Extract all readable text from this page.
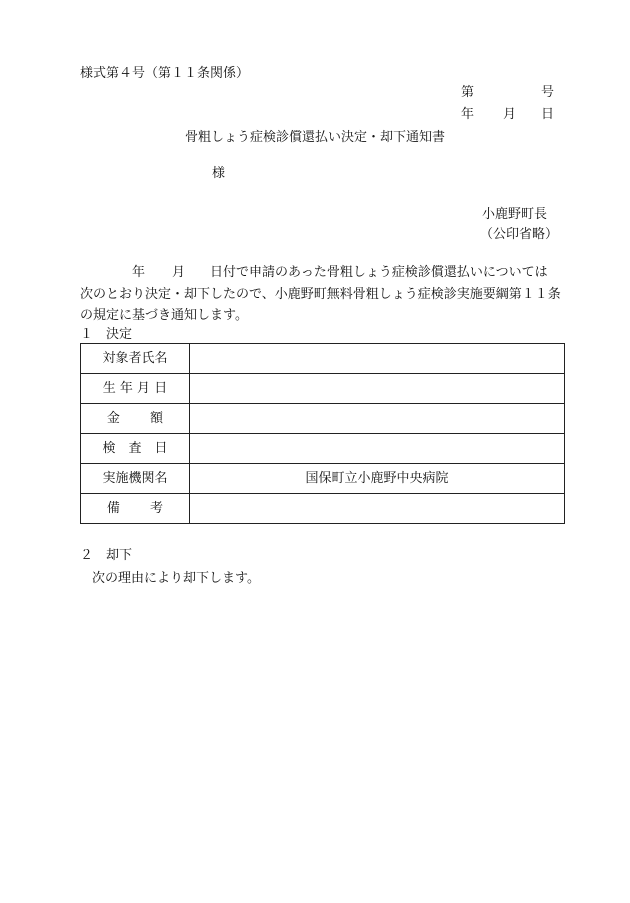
様式第４号（第１１条関係）
第	号
年 月 日
骨粗しょう症検診償還払い決定・却下通知書
様
小鹿野町長
（公印省略）
年 月 日付で申請のあった骨粗しょう症検診償還払いについては
次のとおり決定・却下したので、小鹿野町無料骨粗しょう症検診実施要綱第１１条
の規定に基づき通知します。
１ 決定
対象者氏名	
生 年 月 日	
金　　 額	
検　査　日	
実施機関名	国保町立小鹿野中央病院
備　　 考	
２ 却下
次の理由により却下します。
